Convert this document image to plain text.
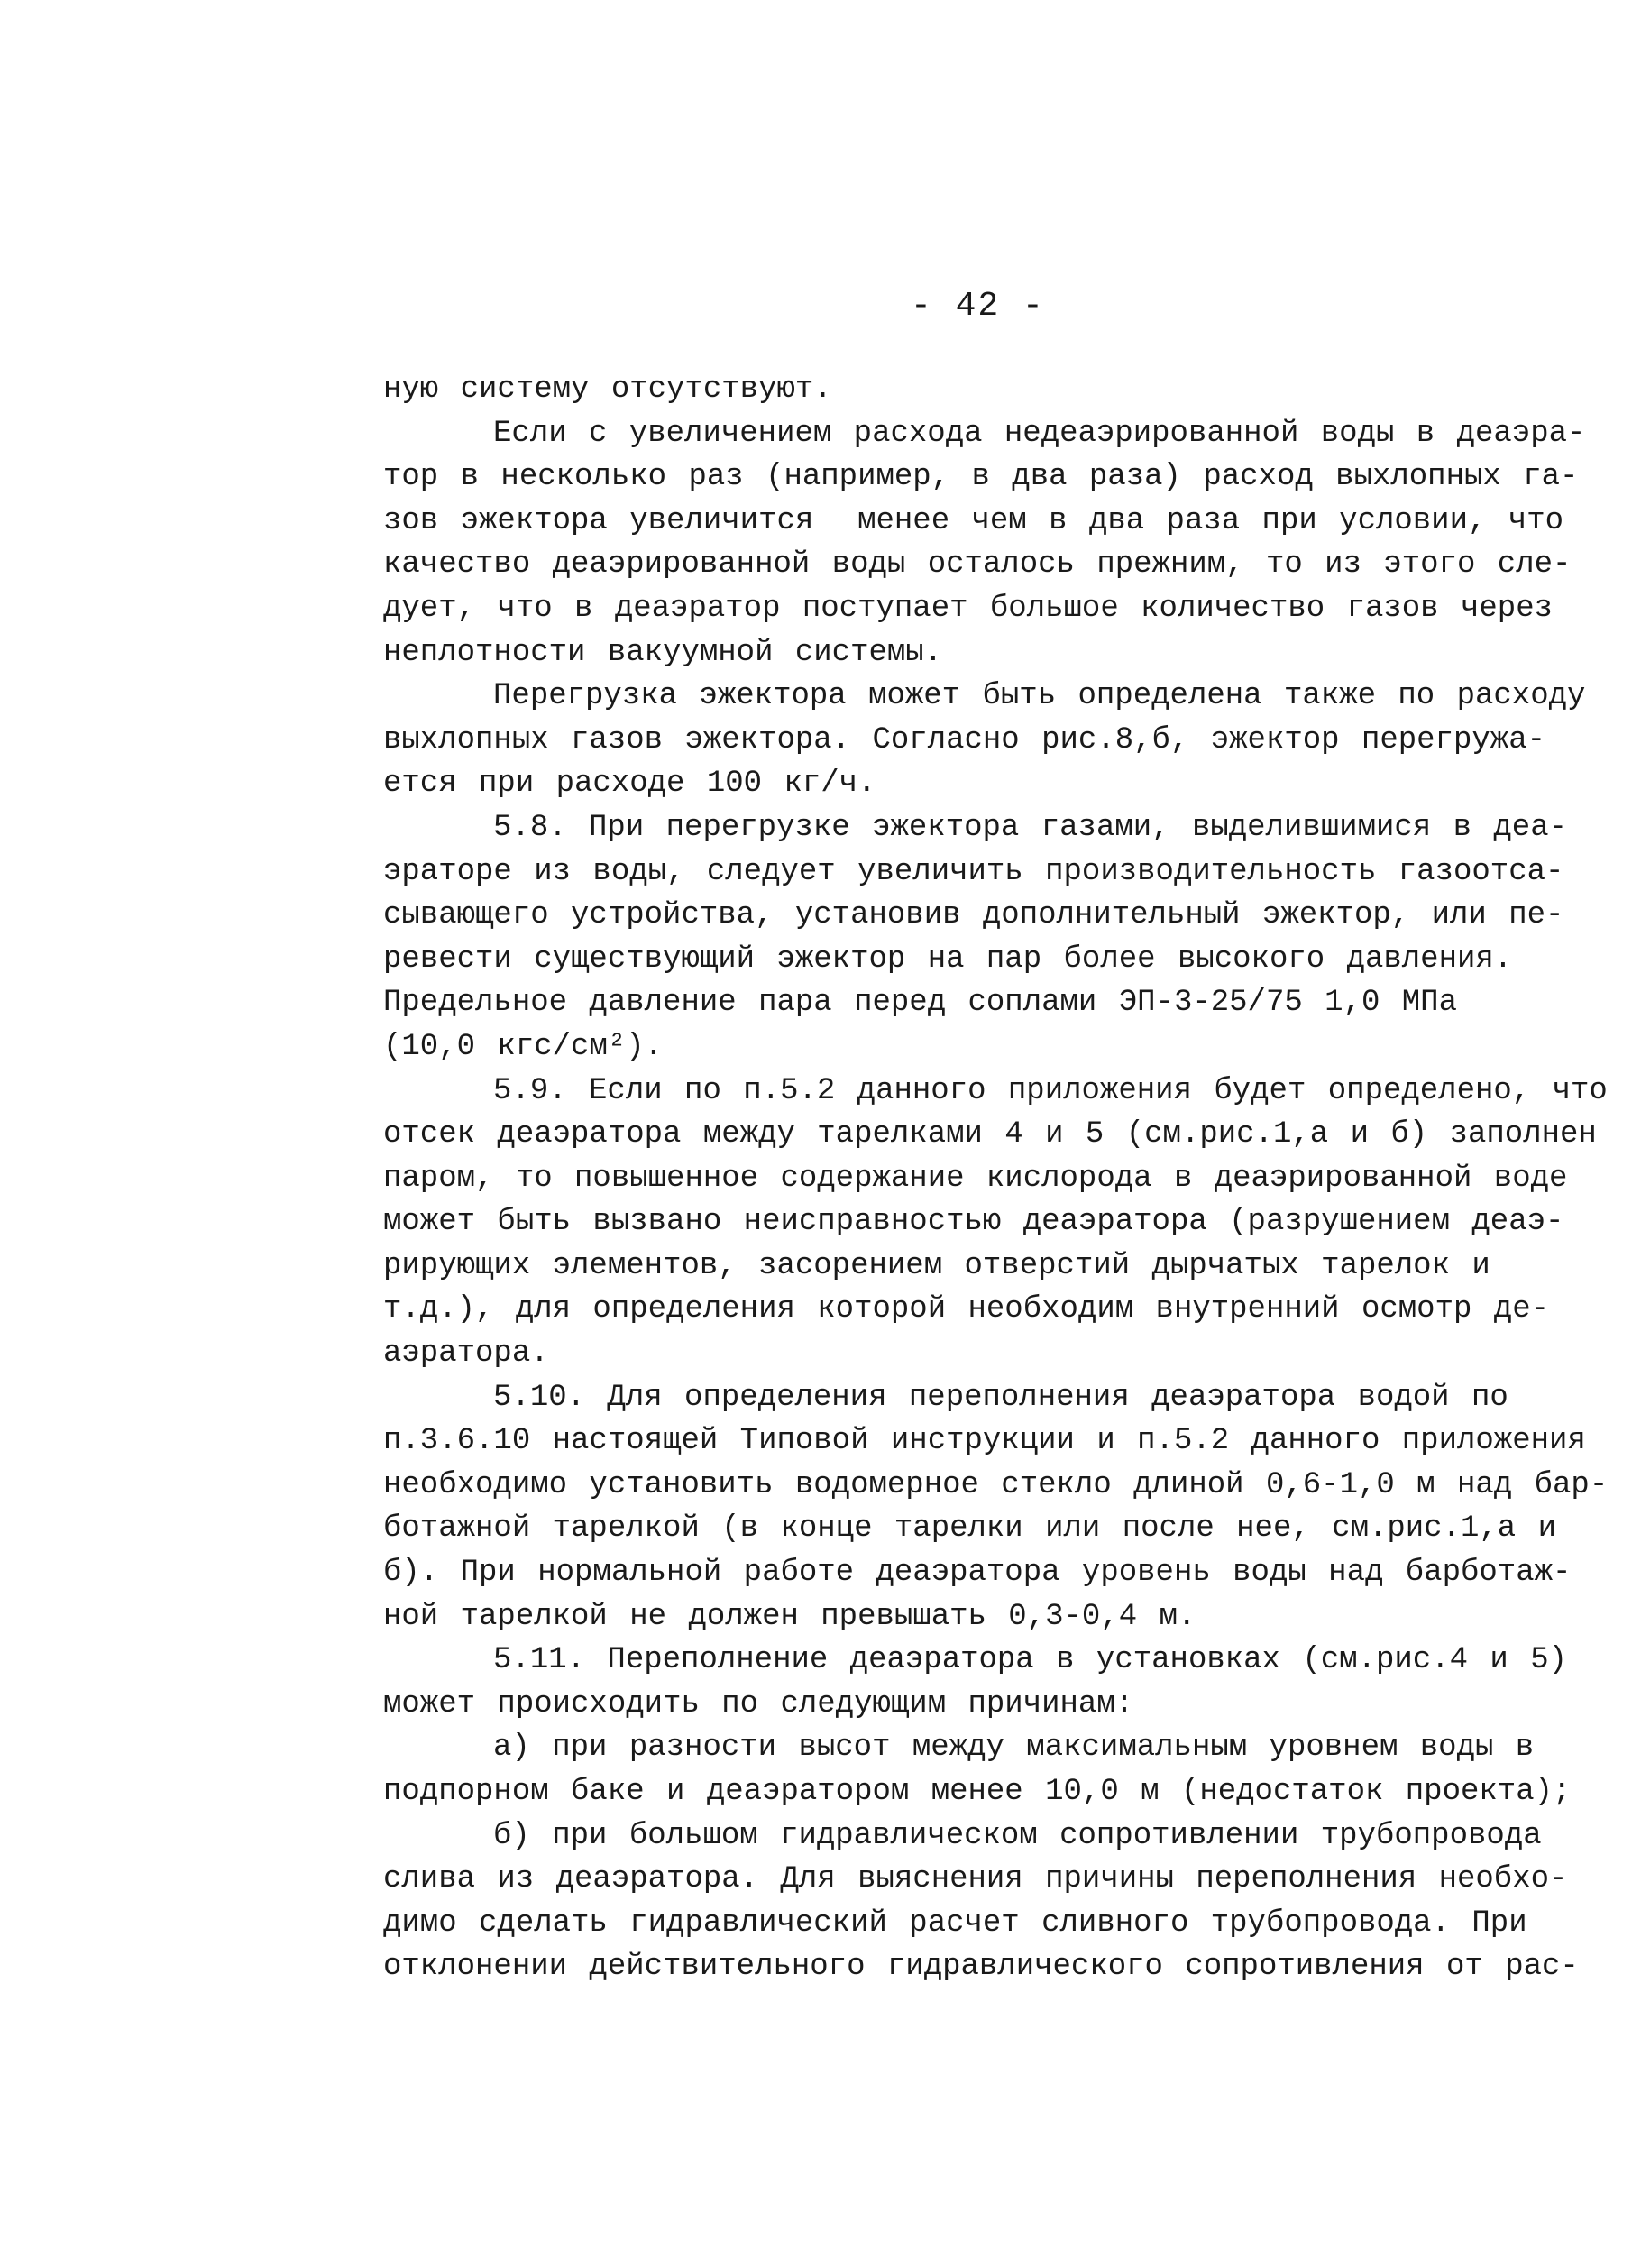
- 42 -
ную систему отсутствуют.
Если с увеличением расхода недеаэрированной воды в деаэра-
тор в несколько раз (например, в два раза) расход выхлопных га-
зов эжектора увеличится  менее чем в два раза при условии, что
качество деаэрированной воды осталось прежним, то из этого сле-
дует, что в деаэратор поступает большое количество газов через
неплотности вакуумной системы.
Перегрузка эжектора может быть определена также по расходу
выхлопных газов эжектора. Согласно рис.8,б, эжектор перегружа-
ется при расходе 100 кг/ч.
5.8. При перегрузке эжектора газами, выделившимися в деа-
эраторе из воды, следует увеличить производительность газоотса-
сывающего устройства, установив дополнительный эжектор, или пе-
ревести существующий эжектор на пар более высокого давления.
Предельное давление пара перед соплами ЭП-3-25/75 1,0 МПа
(10,0 кгс/см²).
5.9. Если по п.5.2 данного приложения будет определено, что
отсек деаэратора между тарелками 4 и 5 (см.рис.1,а и б) заполнен
паром, то повышенное содержание кислорода в деаэрированной воде
может быть вызвано неисправностью деаэратора (разрушением деаэ-
рирующих элементов, засорением отверстий дырчатых тарелок и
т.д.), для определения которой необходим внутренний осмотр де-
аэратора.
5.10. Для определения переполнения деаэратора водой по
п.3.6.10 настоящей Типовой инструкции и п.5.2 данного приложения
необходимо установить водомерное стекло длиной 0,6-1,0 м над бар-
ботажной тарелкой (в конце тарелки или после нее, см.рис.1,а и
б). При нормальной работе деаэратора уровень воды над барботаж-
ной тарелкой не должен превышать 0,3-0,4 м.
5.11. Переполнение деаэратора в установках (см.рис.4 и 5)
может происходить по следующим причинам:
а) при разности высот между максимальным уровнем воды в
подпорном баке и деаэратором менее 10,0 м (недостаток проекта);
б) при большом гидравлическом сопротивлении трубопровода
слива из деаэратора. Для выяснения причины переполнения необхо-
димо сделать гидравлический расчет сливного трубопровода. При
отклонении действительного гидравлического сопротивления от рас-
